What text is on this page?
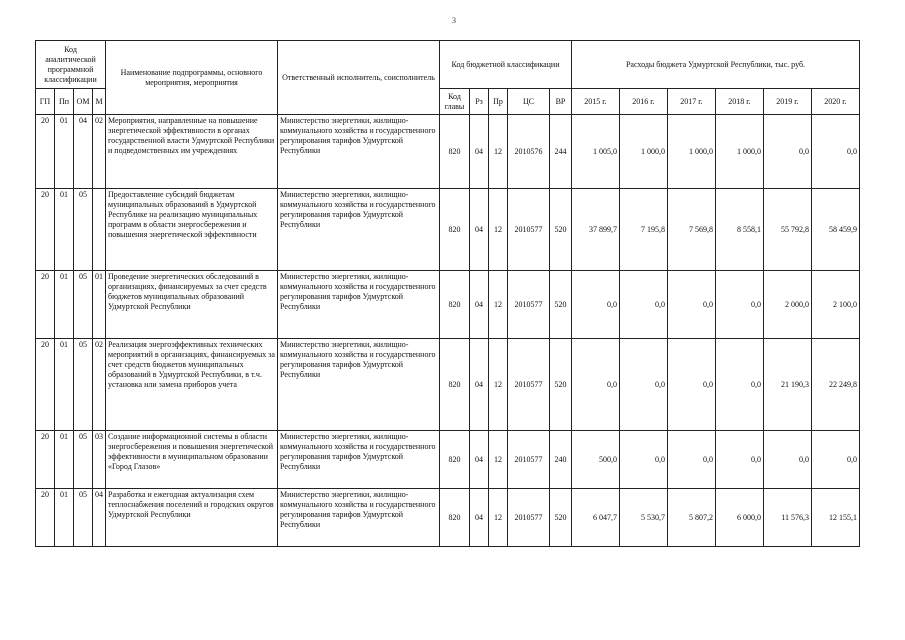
3
Код аналитической программной классификации				Наименование подпрограммы, основного мероприятия, мероприятия	Ответственный исполнитель, соисполнитель	Код бюджетной классификации					Расходы бюджета Удмуртской Республики, тыс. руб.					
ГП	Пп	ОМ	М			Код главы	Рз	Пр	ЦС	ВР	2015 г.	2016 г.	2017 г.	2018 г.	2019 г.	2020 г.
20	01	04	02	Мероприятия, направленные на повышение энергетической эффективности в органах государственной власти Удмуртской Республики и подведомственных им учреждениях	Министерство энергетики, жилищно-коммунального хозяйства и государственного регулирования тарифов Удмуртской Республики	820	04	12	2010576	244	1 005,0	1 000,0	1 000,0	1 000,0	0,0	0,0
20	01	05		Предоставление субсидий бюджетам муниципальных образований в Удмуртской Республике на реализацию муниципальных программ в области энергосбережения и повышения энергетической эффективности	Министерство энергетики, жилищно-коммунального хозяйства и государственного регулирования тарифов Удмуртской Республики	820	04	12	2010577	520	37 899,7	7 195,8	7 569,8	8 558,1	55 792,8	58 459,9
20	01	05	01	Проведение энергетических обследований в организациях, финансируемых за счет средств бюджетов муниципальных образований Удмуртской Республики	Министерство энергетики, жилищно-коммунального хозяйства и государственного регулирования тарифов Удмуртской Республики	820	04	12	2010577	520	0,0	0,0	0,0	0,0	2 000,0	2 100,0
20	01	05	02	Реализация энергоэффективных технических мероприятий в организациях, финансируемых за счет средств бюджетов муниципальных образований в Удмуртской Республики, в т.ч. установка или замена приборов учета	Министерство энергетики, жилищно-коммунального хозяйства и государственного регулирования тарифов Удмуртской Республики	820	04	12	2010577	520	0,0	0,0	0,0	0,0	21 190,3	22 249,8
20	01	05	03	Создание информационной системы в области энергосбережения и повышения энергетической эффективности в муниципальном образовании «Город Глазов»	Министерство энергетики, жилищно-коммунального хозяйства и государственного регулирования тарифов Удмуртской Республики	820	04	12	2010577	240	500,0	0,0	0,0	0,0	0,0	0,0
20	01	05	04	Разработка и ежегодная актуализация схем теплоснабжения поселений и городских округов Удмуртской Республики	Министерство энергетики, жилищно-коммунального хозяйства и государственного регулирования тарифов Удмуртской Республики	820	04	12	2010577	520	6 047,7	5 530,7	5 807,2	6 000,0	11 576,3	12 155,1
